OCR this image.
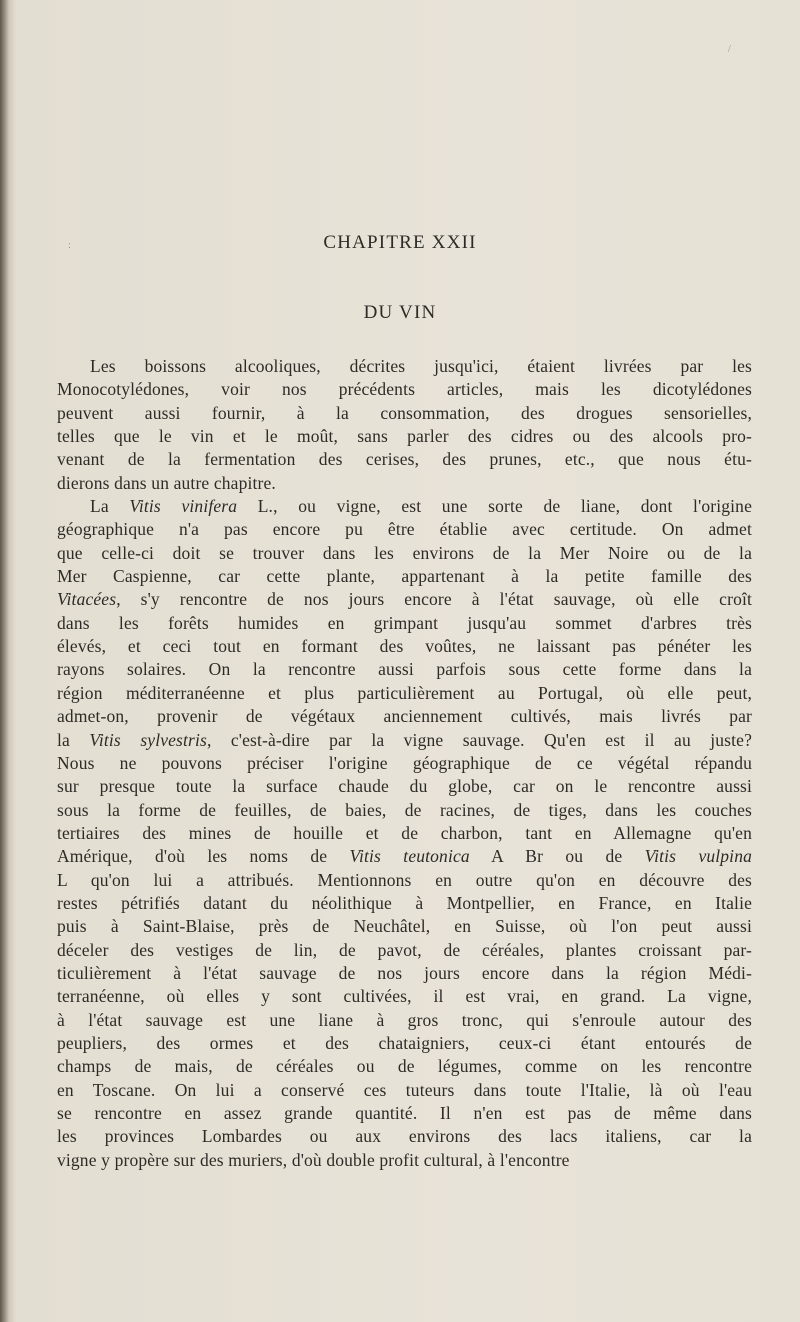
CHAPITRE XXII
DU VIN

Les boissons alcooliques, décrites jusqu'ici, étaient livrées par les
Monocotylédones, voir nos précédents articles, mais les dicotylédones
peuvent aussi fournir, à la consommation, des drogues sensorielles,
telles que le vin et le moût, sans parler des cidres ou des alcools pro-
venant de la fermentation des cerises, des prunes, etc., que nous étu-
dierons dans un autre chapitre.

La Vitis vinifera L., ou vigne, est une sorte de liane, dont l'origine
géographique n'a pas encore pu être établie avec certitude. On admet
que celle-ci doit se trouver dans les environs de la Mer Noire ou de la
Mer Caspienne, car cette plante, appartenant à la petite famille des
Vitacées, s'y rencontre de nos jours encore à l'état sauvage, où elle croît
dans les forêts humides en grimpant jusqu'au sommet d'arbres très
élevés, et ceci tout en formant des voûtes, ne laissant pas pénéter les
rayons solaires. On la rencontre aussi parfois sous cette forme dans la
région méditerranéenne et plus particulièrement au Portugal, où elle peut,
admet-on, provenir de végétaux anciennement cultivés, mais livrés par
la Vitis sylvestris, c'est-à-dire par la vigne sauvage. Qu'en est il au juste?
Nous ne pouvons préciser l'origine géographique de ce végétal répandu
sur presque toute la surface chaude du globe, car on le rencontre aussi
sous la forme de feuilles, de baies, de racines, de tiges, dans les couches
tertiaires des mines de houille et de charbon, tant en Allemagne qu'en
Amérique, d'où les noms de Vitis teutonica A Br ou de Vitis vulpina
L qu'on lui a attribués. Mentionnons en outre qu'on en découvre des
restes pétrifiés datant du néolithique à Montpellier, en France, en Italie
puis à Saint-Blaise, près de Neuchâtel, en Suisse, où l'on peut aussi
déceler des vestiges de lin, de pavot, de céréales, plantes croissant par-
ticulièrement à l'état sauvage de nos jours encore dans la région Médi-
terranéenne, où elles y sont cultivées, il est vrai, en grand. La vigne,
à l'état sauvage est une liane à gros tronc, qui s'enroule autour des
peupliers, des ormes et des chataigniers, ceux-ci étant entourés de
champs de mais, de céréales ou de légumes, comme on les rencontre
en Toscane. On lui a conservé ces tuteurs dans toute l'Italie, là où l'eau
se rencontre en assez grande quantité. Il n'en est pas de même dans
les provinces Lombardes ou aux environs des lacs italiens, car la
vigne y propère sur des muriers, d'où double profit cultural, à l'encontre

:
/
